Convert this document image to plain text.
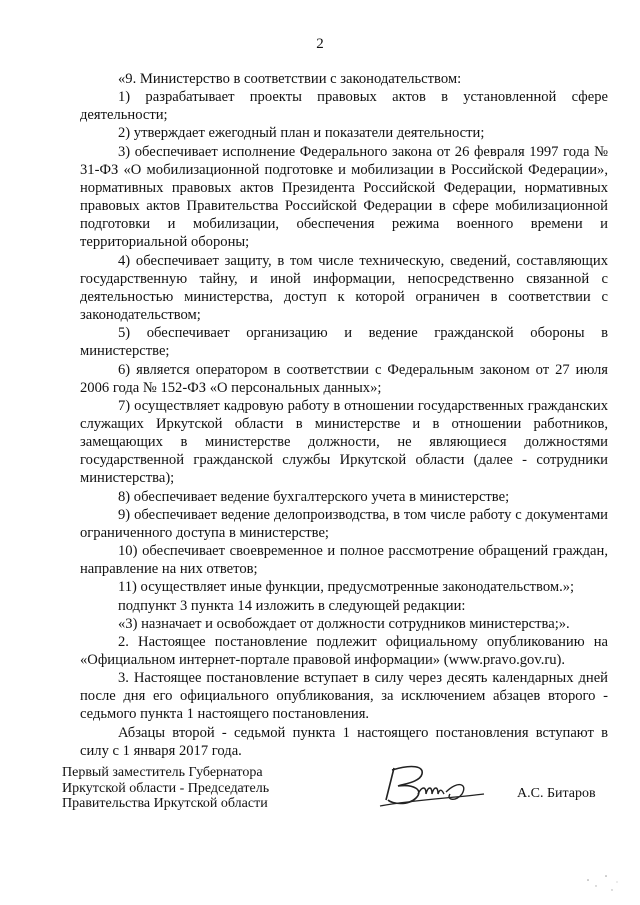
2

«9. Министерство в соответствии с законодательством:

1) разрабатывает проекты правовых актов в установленной сфере деятельности;

2) утверждает ежегодный план и показатели деятельности;

3) обеспечивает исполнение Федерального закона от 26 февраля 1997 года № 31-ФЗ «О мобилизационной подготовке и мобилизации в Российской Федерации», нормативных правовых актов Президента Российской Федерации, нормативных правовых актов Правительства Российской Федерации в сфере мобилизационной подготовки и мобилизации, обеспечения режима военного времени и территориальной обороны;

4) обеспечивает защиту, в том числе техническую, сведений, составляющих государственную тайну, и иной информации, непосредственно связанной с деятельностью министерства, доступ к которой ограничен в соответствии с законодательством;

5) обеспечивает организацию и ведение гражданской обороны в министерстве;

6) является оператором в соответствии с Федеральным законом от 27 июля 2006 года № 152-ФЗ «О персональных данных»;

7) осуществляет кадровую работу в отношении государственных гражданских служащих Иркутской области в министерстве и в отношении работников, замещающих в министерстве должности, не являющиеся должностями государственной гражданской службы Иркутской области (далее - сотрудники министерства);

8) обеспечивает ведение бухгалтерского учета в министерстве;

9) обеспечивает ведение делопроизводства, в том числе работу с документами ограниченного доступа в министерстве;

10) обеспечивает своевременное и полное рассмотрение обращений граждан, направление на них ответов;

11) осуществляет иные функции, предусмотренные законодательством.»;

подпункт 3 пункта 14 изложить в следующей редакции:

«3) назначает и освобождает от должности сотрудников министерства;».

2. Настоящее постановление подлежит официальному опубликованию на «Официальном интернет-портале правовой информации» (www.pravo.gov.ru).

3. Настоящее постановление вступает в силу через десять календарных дней после дня его официального опубликования, за исключением абзацев второго - седьмого пункта 1 настоящего постановления.

Абзацы второй - седьмой пункта 1 настоящего постановления вступают в силу с 1 января 2017 года.

Первый заместитель Губернатора
Иркутской области - Председатель
Правительства Иркутской области
А.С. Битаров
